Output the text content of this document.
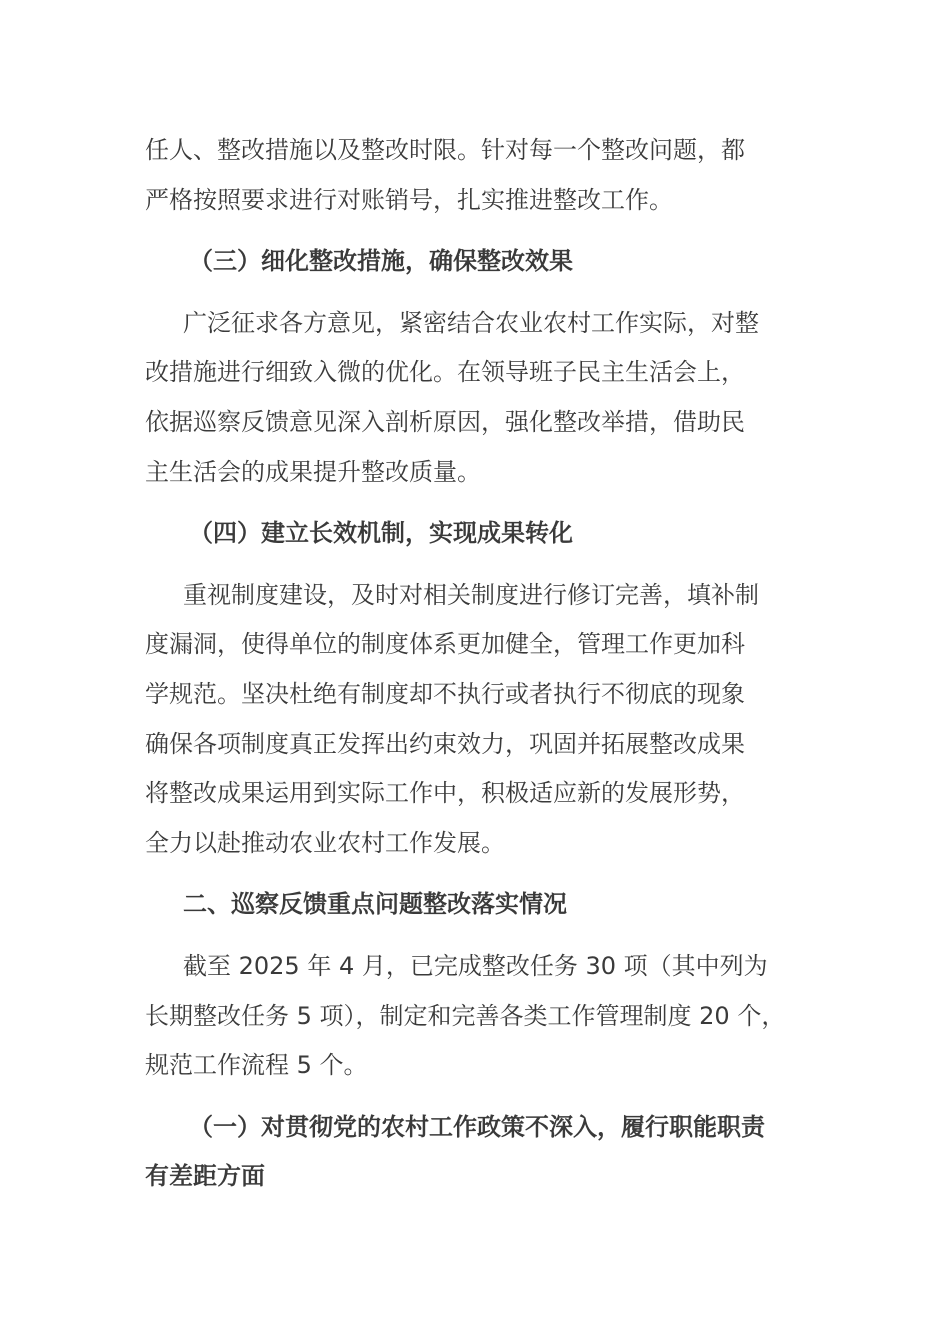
任人、整改措施以及整改时限。针对每一个整改问题，都
严格按照要求进行对账销号，扎实推进整改工作。
（三）细化整改措施，确保整改效果
广泛征求各方意见，紧密结合农业农村工作实际，对整
改措施进行细致入微的优化。在领导班子民主生活会上，
依据巡察反馈意见深入剖析原因，强化整改举措，借助民
主生活会的成果提升整改质量。
（四）建立长效机制，实现成果转化
重视制度建设，及时对相关制度进行修订完善，填补制
度漏洞，使得单位的制度体系更加健全，管理工作更加科
学规范。坚决杜绝有制度却不执行或者执行不彻底的现象
确保各项制度真正发挥出约束效力，巩固并拓展整改成果
将整改成果运用到实际工作中，积极适应新的发展形势，
全力以赴推动农业农村工作发展。
二、巡察反馈重点问题整改落实情况
截至 2025 年 4 月，已完成整改任务 30 项（其中列为
长期整改任务 5 项），制定和完善各类工作管理制度 20 个，
规范工作流程 5 个。
（一）对贯彻党的农村工作政策不深入，履行职能职责
有差距方面
